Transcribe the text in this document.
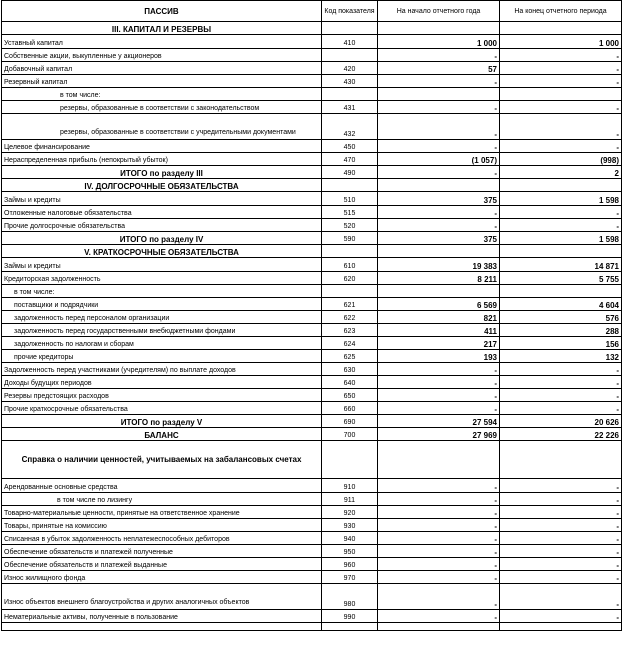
ПАССИВ	Код показателя	На начало отчетного года	На конец отчетного периода
III. КАПИТАЛ И РЕЗЕРВЫ			
Уставный капитал	410	1 000	1 000
Собственные акции, выкупленные у акционеров		-	-
Добавочный капитал	420	57	-
Резервный капитал	430	-	-
в том числе:			
резервы, образованные в соответствии с законодательством	431	-	-
резервы, образованные в соответствии с учредительными документами	432	-	-
Целевое финансирование	450	-	-
Нераспределенная прибыль (непокрытый убыток)	470	(1 057)	(998)
ИТОГО по разделу III	490	-	2
IV. ДОЛГОСРОЧНЫЕ ОБЯЗАТЕЛЬСТВА			
Займы и кредиты	510	375	1 598
Отложенные налоговые обязательства	515	-	-
Прочие долгосрочные обязательства	520	-	-
ИТОГО по разделу IV	590	375	1 598
V. КРАТКОСРОЧНЫЕ ОБЯЗАТЕЛЬСТВА			
Займы и кредиты	610	19 383	14 871
Кредиторская задолженность	620	8 211	5 755
в том числе:			
поставщики и подрядчики	621	6 569	4 604
задолженность перед персоналом организации	622	821	576
задолженность перед государственными внебюджетными фондами	623	411	288
задолженность по налогам и сборам	624	217	156
прочие кредиторы	625	193	132
Задолженность перед участниками (учредителям) по выплате доходов	630	-	-
Доходы будущих периодов	640	-	-
Резервы предстоящих расходов	650	-	-
Прочие краткосрочные обязательства	660	-	-
ИТОГО по разделу V	690	27 594	20 626
БАЛАНС	700	27 969	22 226
Справка о наличии ценностей, учитываемых на забалансовых счетах			
Арендованные основные средства	910	-	-
в том числе по лизингу	911	-	-
Товарно-материальные ценности, принятые на ответственное хранение	920	-	-
Товары, принятые на комиссию	930	-	-
Списанная в убыток задолженность неплатежеспособных дебиторов	940	-	-
Обеспечение обязательств и платежей полученные	950	-	-
Обеспечение обязательств и платежей выданные	960	-	-
Износ жилищного фонда	970	-	-
Износ объектов внешнего благоустройства и других аналогичных объектов	980	-	-
Нематериальные активы, полученные в пользование	990	-	-
